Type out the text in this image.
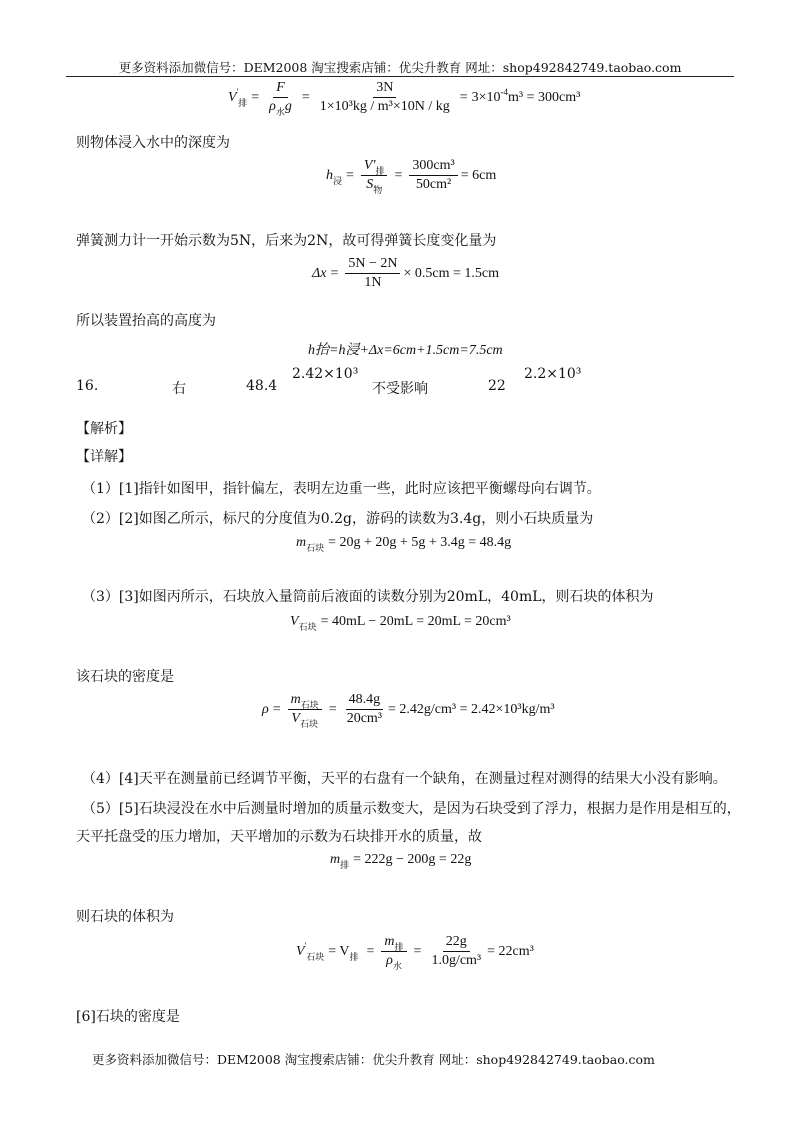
更多资料添加微信号：DEM2008 淘宝搜索店铺：优尖升教育 网址：shop492842749.taobao.com
$V'_排 = \frac{F}{\rho_水g} = \frac{3N}{\text{1×10³kg / m³×10N / kg}} = 3\times 10$ -4 m³ = 300cm³
则物体浸入水中的深度为
$h_浸 = \frac{V'_排}{S_物} = \frac{\text{300cm³}}{\text{50cm²}} = 6cm$
弹簧测力计一开始示数为5N，后来为2N，故可得弹簧长度变化量为
$\Delta x = \frac{5N - 2N}{1N} \times 0.5cm = 1.5cm$
所以装置抬高的高度为
h抬=h浸+Δx=6cm+1.5cm=7.5cm
16.	右	48.4
2.42×10³
不受影响	22
2.2×10³
【解析】
【详解】
（1）[1]指针如图甲，指针偏左，表明左边重一些，此时应该把平衡螺母向右调节。
（2）[2]如图乙所示，标尺的分度值为0.2g，游码的读数为3.4g，则小石块质量为
$m_{石块} = 20g + 20g + 5g + 3.4g = 48.4g$
（3）[3]如图丙所示，石块放入量筒前后液面的读数分别为20mL，40mL，则石块的体积为
$V_{石块} = 40mL - 20mL = 20mL = 20cm^3$
该石块的密度是
$\rho = \frac{m_{石块}}{V_{石块}} = \frac{48.4g}{\text{20cm³}} = 2.42g/cm^3 = 2.42\times 10^3kg/m^3$
（4）[4]天平在测量前已经调节平衡，天平的右盘有一个缺角，在测量过程对测得的结果大小没有影响。
（5）[5]石块浸没在水中后测量时增加的质量示数变大，是因为石块受到了浮力，根据力是作用是相互的，
天平托盘受的压力增加，天平增加的示数为石块排开水的质量，故
$m_排 = 222g - 200g = 22g$
则石块的体积为
$V'_{石块} = V_排 = \frac{m_排}{\rho_水} = \frac{22g}{\text{1.0g/cm³}} = 22cm^3$
[6]石块的密度是
更多资料添加微信号：DEM2008 淘宝搜索店铺：优尖升教育 网址：shop492842749.taobao.com
